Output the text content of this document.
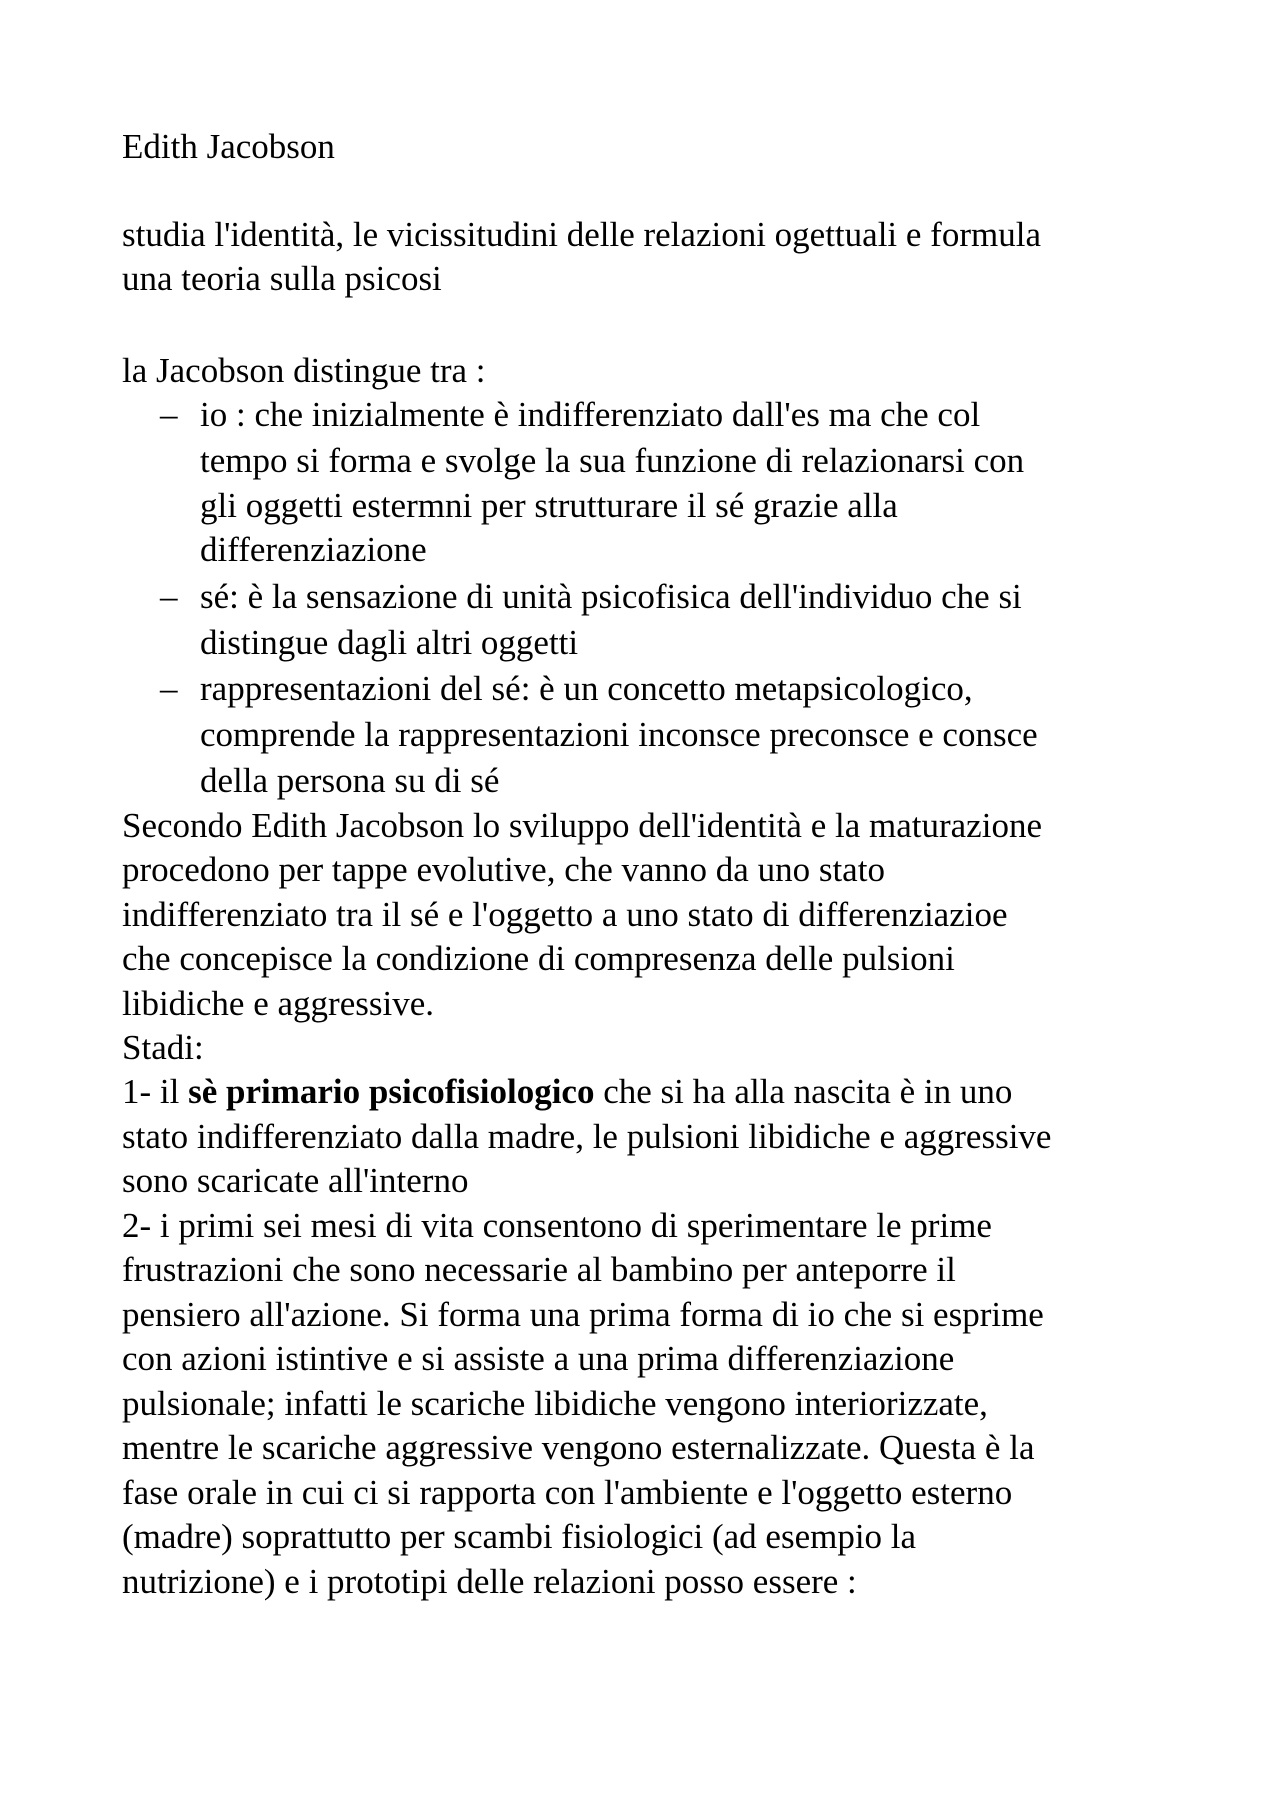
Edith Jacobson
studia l'identità, le vicissitudini delle relazioni ogettuali e formula
una teoria sulla psicosi
la Jacobson distingue tra :
– io : che inizialmente è indifferenziato dall'es ma che col
tempo si forma e svolge la sua funzione di relazionarsi con
gli oggetti estermni per strutturare il sé grazie alla
differenziazione
– sé: è la sensazione di unità psicofisica dell'individuo che si
distingue dagli altri oggetti
– rappresentazioni del sé: è un concetto metapsicologico,
comprende la rappresentazioni inconsce preconsce e consce
della persona su di sé
Secondo Edith Jacobson lo sviluppo dell'identità e la maturazione
procedono per tappe evolutive, che vanno da uno stato
indifferenziato tra il sé e l'oggetto a uno stato di differenziazioe
che concepisce la condizione di compresenza delle pulsioni
libidiche e aggressive.
Stadi:
1- il sè primario psicofisiologico che si ha alla nascita è in uno
stato indifferenziato dalla madre, le pulsioni libidiche e aggressive
sono scaricate all'interno
2- i primi sei mesi di vita consentono di sperimentare le prime
frustrazioni che sono necessarie al bambino per anteporre il
pensiero all'azione. Si forma una prima forma di io che si esprime
con azioni istintive e si assiste a una prima differenziazione
pulsionale; infatti le scariche libidiche vengono interiorizzate,
mentre le scariche aggressive vengono esternalizzate. Questa è la
fase orale in cui ci si rapporta con l'ambiente e l'oggetto esterno
(madre) soprattutto per scambi fisiologici (ad esempio la
nutrizione) e i prototipi delle relazioni posso essere :
